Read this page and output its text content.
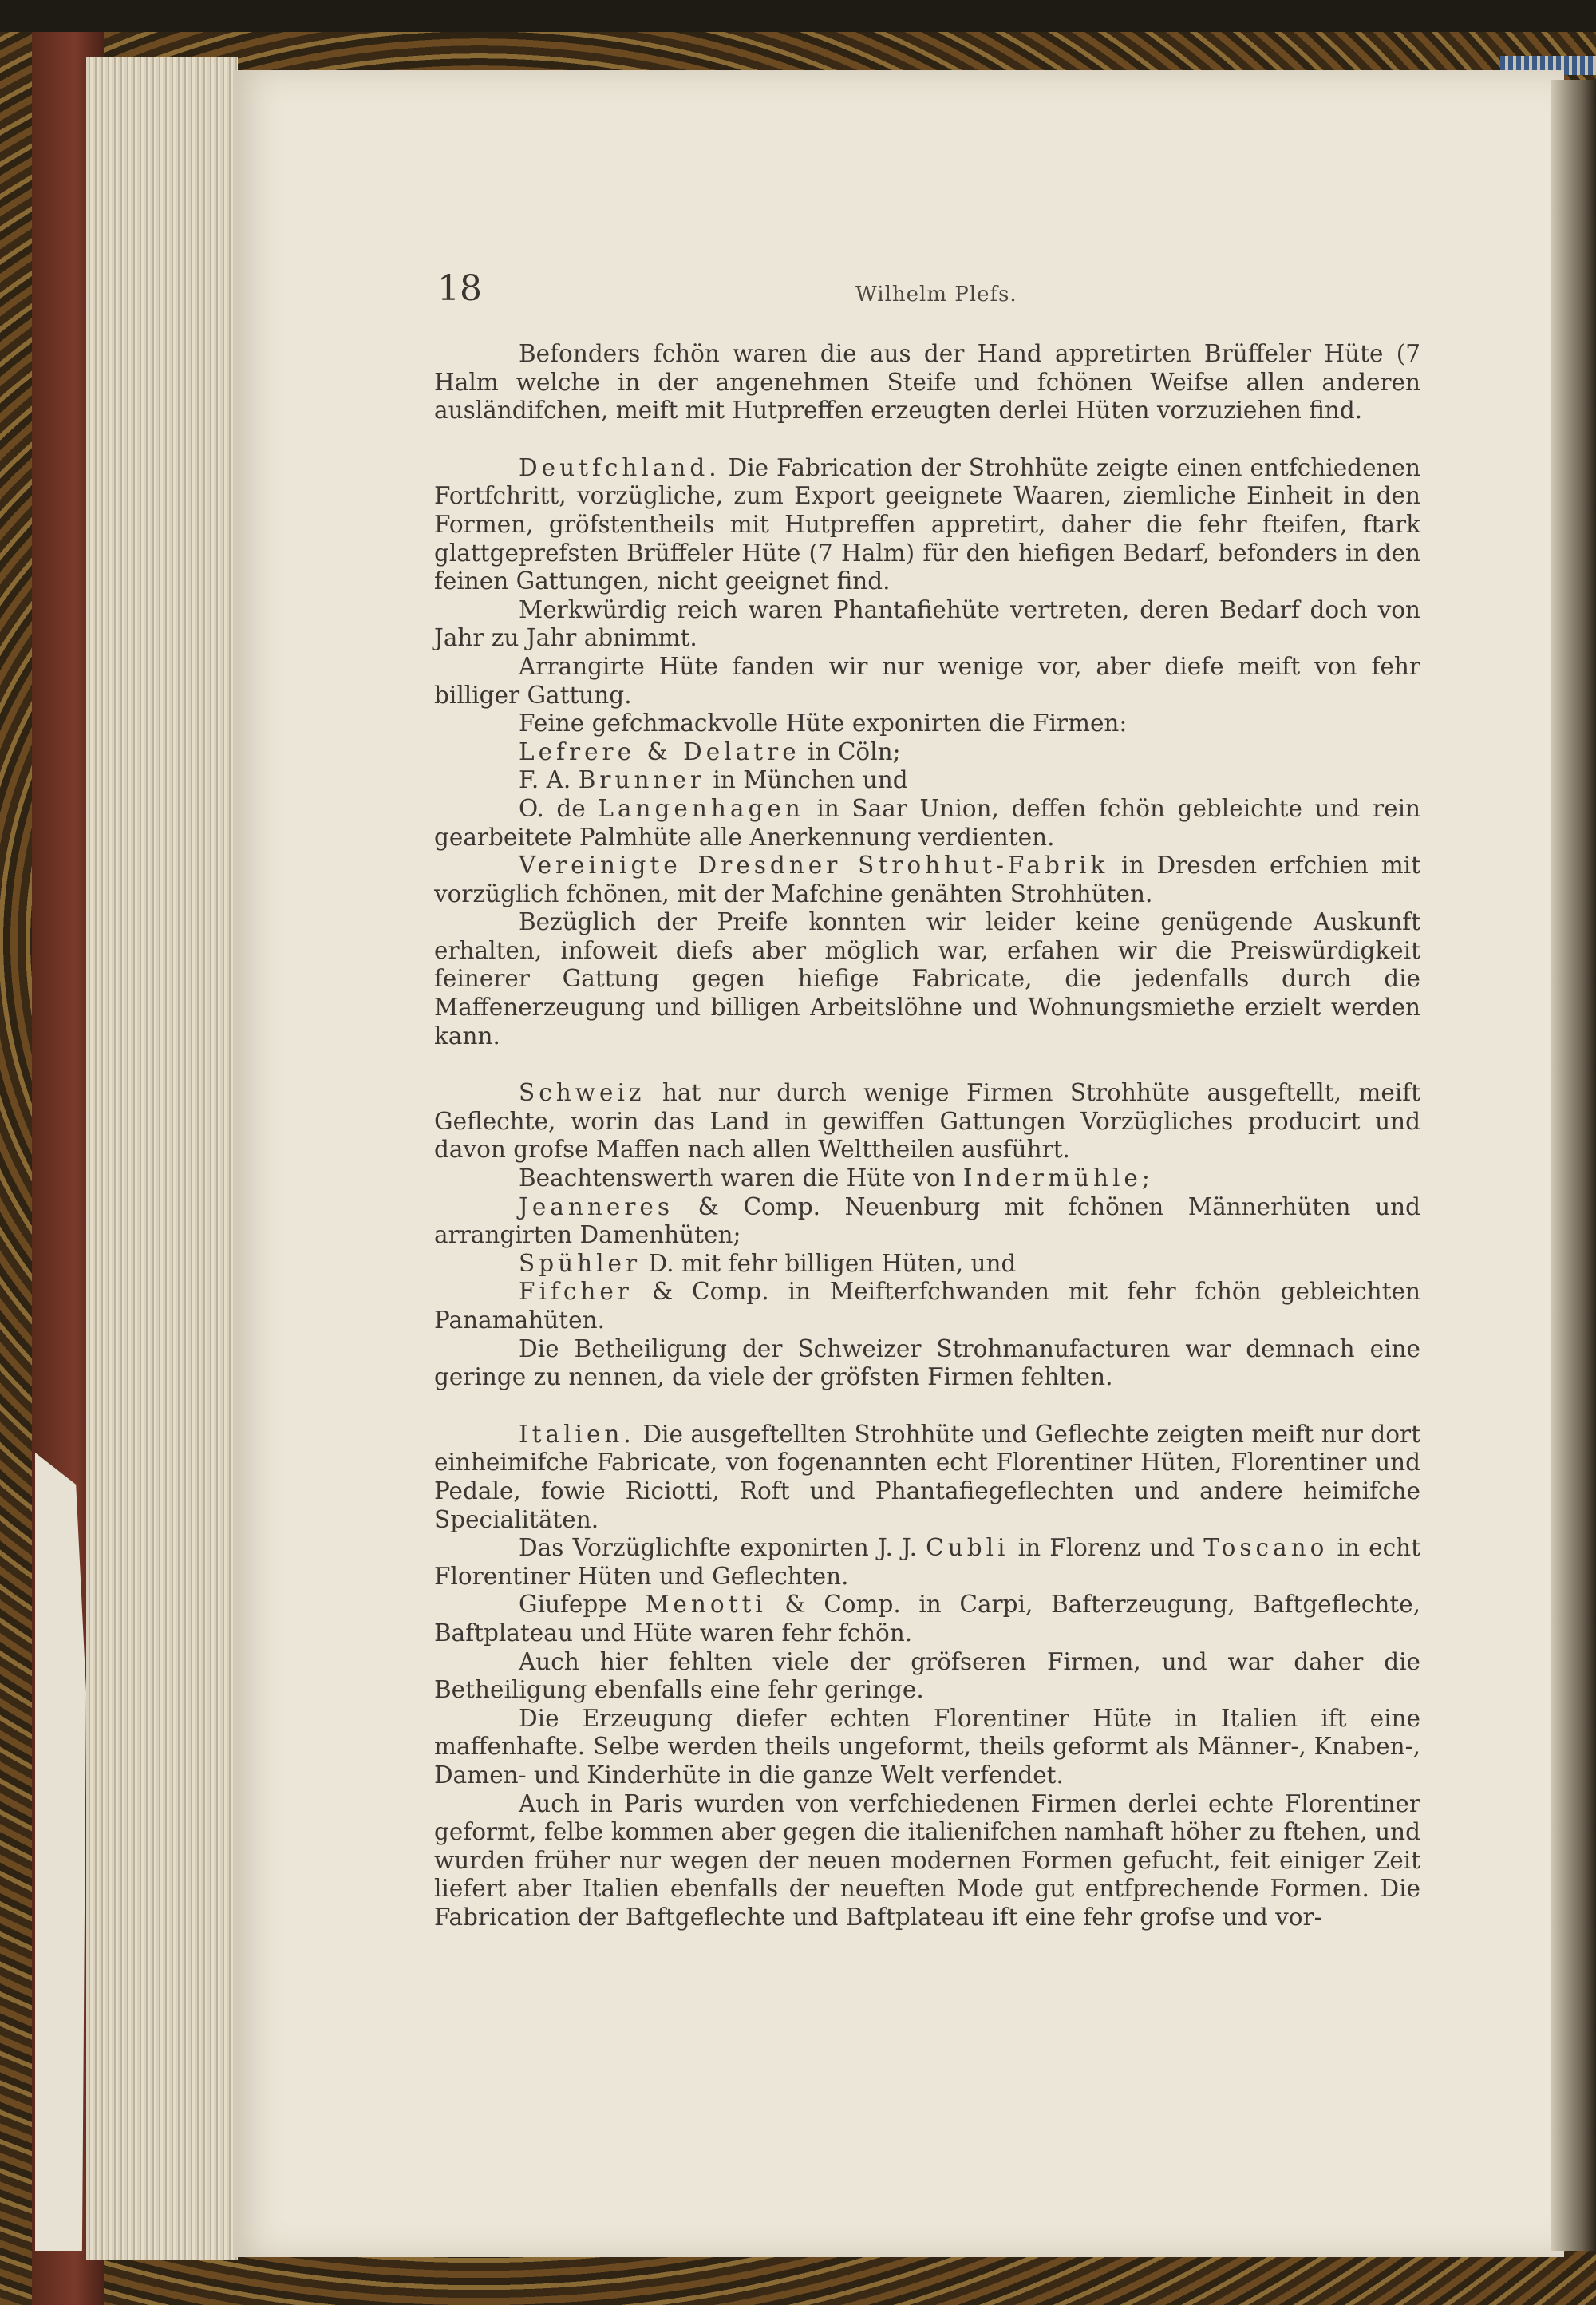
18	Wilhelm Plefs.

Befonders fchön waren die aus der Hand appretirten Brüffeler Hüte (7 Halm welche in der angenehmen Steife und fchönen Weifse allen anderen ausländifchen, meift mit Hutpreffen erzeugten derlei Hüten vorzuziehen find.

Deutfchland. Die Fabrication der Strohhüte zeigte einen entfchiedenen Fortfchritt, vorzügliche, zum Export geeignete Waaren, ziemliche Einheit in den Formen, gröfstentheils mit Hutpreffen appretirt, daher die fehr fteifen, ftark glattgeprefsten Brüffeler Hüte (7 Halm) für den hiefigen Bedarf, befonders in den feinen Gattungen, nicht geeignet find.

Merkwürdig reich waren Phantafiehüte vertreten, deren Bedarf doch von Jahr zu Jahr abnimmt.

Arrangirte Hüte fanden wir nur wenige vor, aber diefe meift von fehr billiger Gattung.

Feine gefchmackvolle Hüte exponirten die Firmen:

Lefrere & Delatre in Cöln;

F. A. Brunner in München und

O. de Langenhagen in Saar Union, deffen fchön gebleichte und rein gearbeitete Palmhüte alle Anerkennung verdienten.

Vereinigte Dresdner Strohhut-Fabrik in Dresden erfchien mit vorzüglich fchönen, mit der Mafchine genähten Strohhüten.

Bezüglich der Preife konnten wir leider keine genügende Auskunft erhalten, infoweit diefs aber möglich war, erfahen wir die Preiswürdigkeit feinerer Gattung gegen hiefige Fabricate, die jedenfalls durch die Maffenerzeugung und billigen Arbeitslöhne und Wohnungsmiethe erzielt werden kann.

Schweiz hat nur durch wenige Firmen Strohhüte ausgeftellt, meift Geflechte, worin das Land in gewiffen Gattungen Vorzügliches producirt und davon grofse Maffen nach allen Welttheilen ausführt.

Beachtenswerth waren die Hüte von Indermühle;

Jeanneres & Comp. Neuenburg mit fchönen Männerhüten und arrangirten Damenhüten;

Spühler D. mit fehr billigen Hüten, und

Fifcher & Comp. in Meifterfchwanden mit fehr fchön gebleichten Panamahüten.

Die Betheiligung der Schweizer Strohmanufacturen war demnach eine geringe zu nennen, da viele der gröfsten Firmen fehlten.

Italien. Die ausgeftellten Strohhüte und Geflechte zeigten meift nur dort einheimifche Fabricate, von fogenannten echt Florentiner Hüten, Florentiner und Pedale, fowie Riciotti, Roft und Phantafiegeflechten und andere heimifche Specialitäten.

Das Vorzüglichfte exponirten J. J. Cubli in Florenz und Toscano in echt Florentiner Hüten und Geflechten.

Giufeppe Menotti & Comp. in Carpi, Bafterzeugung, Baftgeflechte, Baftplateau und Hüte waren fehr fchön.

Auch hier fehlten viele der gröfseren Firmen, und war daher die Betheiligung ebenfalls eine fehr geringe.

Die Erzeugung diefer echten Florentiner Hüte in Italien ift eine maffenhafte. Selbe werden theils ungeformt, theils geformt als Männer-, Knaben-, Damen- und Kinderhüte in die ganze Welt verfendet.

Auch in Paris wurden von verfchiedenen Firmen derlei echte Florentiner geformt, felbe kommen aber gegen die italienifchen namhaft höher zu ftehen, und wurden früher nur wegen der neuen modernen Formen gefucht, feit einiger Zeit liefert aber Italien ebenfalls der neueften Mode gut entfprechende Formen. Die Fabrication der Baftgeflechte und Baftplateau ift eine fehr grofse und vor-
